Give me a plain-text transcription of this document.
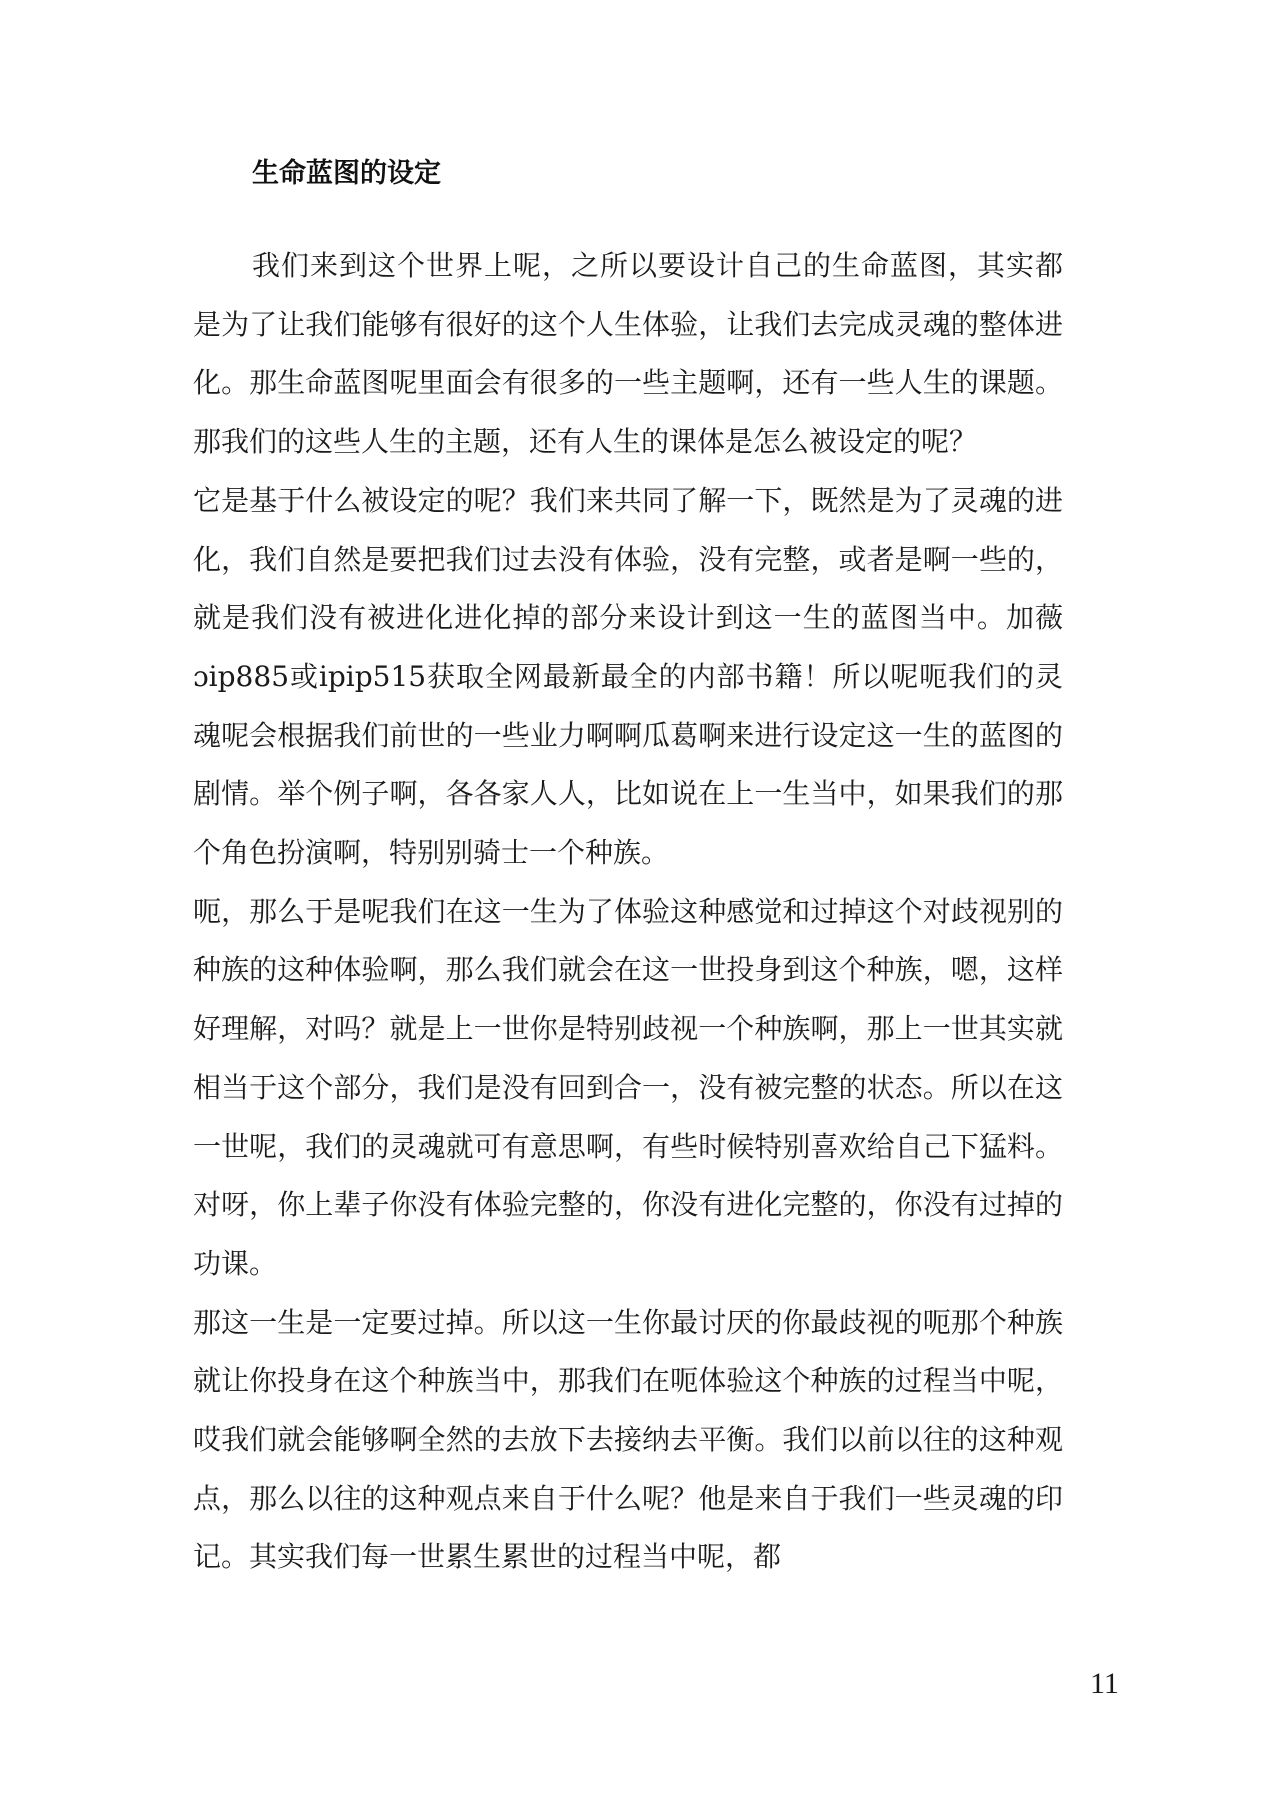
生命蓝图的设定

我们来到这个世界上呢，之所以要设计自己的生命蓝图，其实都是为了让我们能够有很好的这个人生体验，让我们去完成灵魂的整体进化。那生命蓝图呢里面会有很多的一些主题啊，还有一些人生的课题。那我们的这些人生的主题，还有人生的课体是怎么被设定的呢？

它是基于什么被设定的呢？我们来共同了解一下，既然是为了灵魂的进化，我们自然是要把我们过去没有体验，没有完整，或者是啊一些的，就是我们没有被进化进化掉的部分来设计到这一生的蓝图当中。加薇　　ɔip885或ipip515获取全网最新最全的内部书籍！所以呢呃我们的灵魂呢会根据我们前世的一些业力啊啊瓜葛啊来进行设定这一生的蓝图的剧情。举个例子啊，各各家人人，比如说在上一生当中，如果我们的那个角色扮演啊，特别别骑士一个种族。

呃，那么于是呢我们在这一生为了体验这种感觉和过掉这个对歧视别的种族的这种体验啊，那么我们就会在这一世投身到这个种族，嗯，这样好理解，对吗？就是上一世你是特别歧视一个种族啊，那上一世其实就相当于这个部分，我们是没有回到合一，没有被完整的状态。所以在这一世呢，我们的灵魂就可有意思啊，有些时候特别喜欢给自己下猛料。对呀，你上辈子你没有体验完整的，你没有进化完整的，你没有过掉的功课。

那这一生是一定要过掉。所以这一生你最讨厌的你最歧视的呃那个种族就让你投身在这个种族当中，那我们在呃体验这个种族的过程当中呢，哎我们就会能够啊全然的去放下去接纳去平衡。我们以前以往的这种观点，那么以往的这种观点来自于什么呢？他是来自于我们一些灵魂的印记。其实我们每一世累生累世的过程当中呢，都

11
